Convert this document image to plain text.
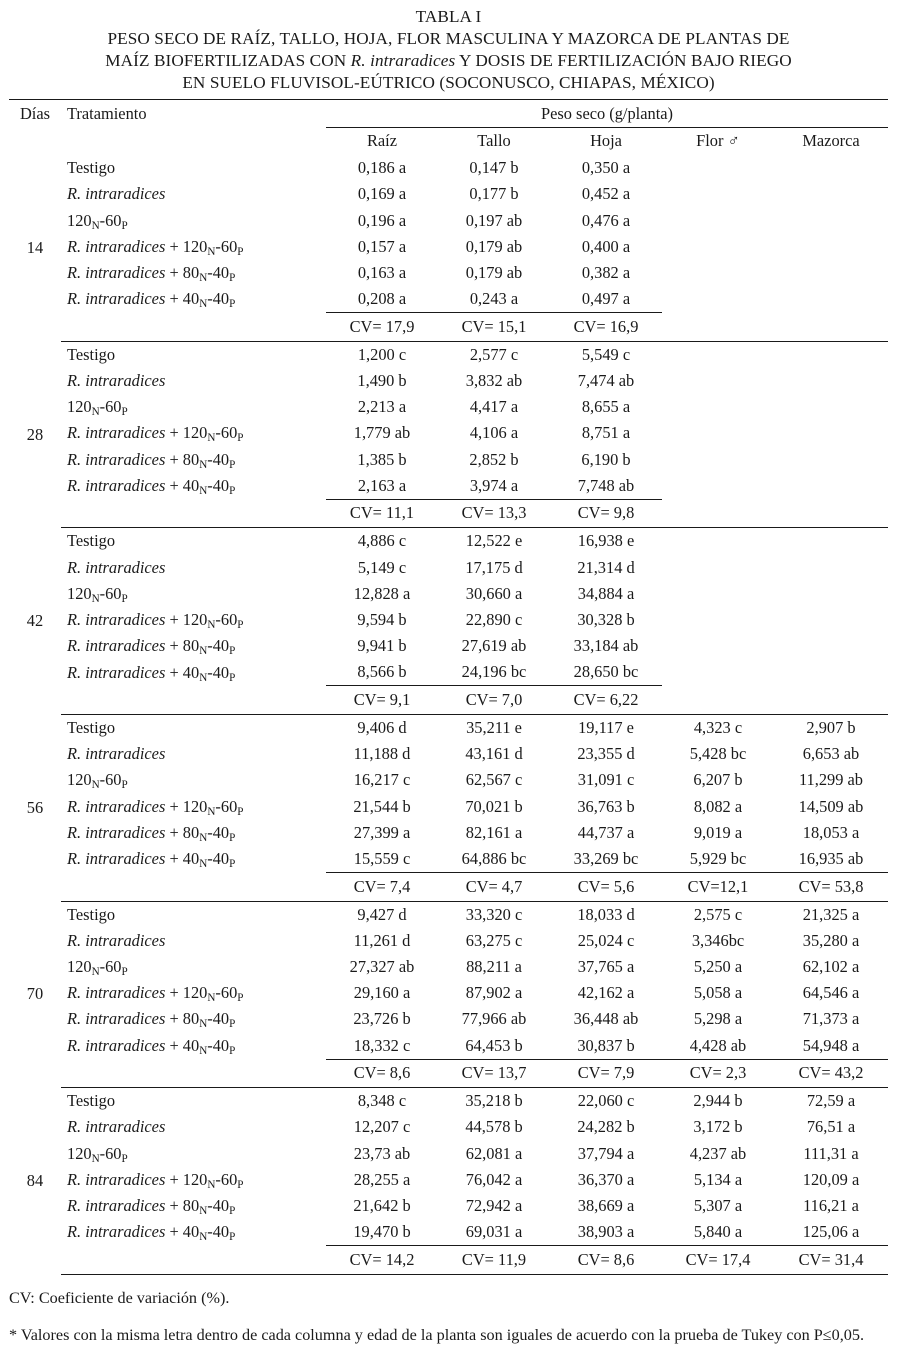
TABLA I
PESO SECO DE RAÍZ, TALLO, HOJA, FLOR MASCULINA Y MAZORCA DE PLANTAS DE
MAÍZ BIOFERTILIZADAS CON R. intraradices Y DOSIS DE FERTILIZACIÓN BAJO RIEGO
EN SUELO FLUVISOL-EÚTRICO (SOCONUSCO, CHIAPAS, MÉXICO)
Días	Tratamiento	Peso seco (g/planta)				
		Raíz	Tallo	Hoja	Flor ♂	Mazorca
14	Testigo	0,186 a	0,147 b	0,350 a		
	R. intraradices	0,169 a	0,177 b	0,452 a		
	$120_N-60_P$	0,196 a	0,197 ab	0,476 a		
	R. intraradices + $120_N-60_P$	0,157 a	0,179 ab	0,400 a		
	R. intraradices + $80_N-40_P$	0,163 a	0,179 ab	0,382 a		
	R. intraradices + $40_N-40_P$	0,208 a	0,243 a	0,497 a		
		CV= 17,9	CV= 15,1	CV= 16,9		
28	Testigo	1,200 c	2,577 c	5,549 c		
	R. intraradices	1,490 b	3,832 ab	7,474 ab		
	$120_N-60_P$	2,213 a	4,417 a	8,655 a		
	R. intraradices + $120_N-60_P$	1,779 ab	4,106 a	8,751 a		
	R. intraradices + $80_N-40_P$	1,385 b	2,852 b	6,190 b		
	R. intraradices + $40_N-40_P$	2,163 a	3,974 a	7,748 ab		
		CV= 11,1	CV= 13,3	CV= 9,8		
42	Testigo	4,886 c	12,522 e	16,938 e		
	R. intraradices	5,149 c	17,175 d	21,314 d		
	$120_N-60_P$	12,828 a	30,660 a	34,884 a		
	R. intraradices + $120_N-60_P$	9,594 b	22,890 c	30,328 b		
	R. intraradices + $80_N-40_P$	9,941 b	27,619 ab	33,184 ab		
	R. intraradices + $40_N-40_P$	8,566 b	24,196 bc	28,650 bc		
		CV= 9,1	CV= 7,0	CV= 6,22		
56	Testigo	9,406 d	35,211 e	19,117 e	4,323 c	2,907 b
	R. intraradices	11,188 d	43,161 d	23,355 d	5,428 bc	6,653 ab
	$120_N-60_P$	16,217 c	62,567 c	31,091 c	6,207 b	11,299 ab
	R. intraradices + $120_N-60_P$	21,544 b	70,021 b	36,763 b	8,082 a	14,509 ab
	R. intraradices + $80_N-40_P$	27,399 a	82,161 a	44,737 a	9,019 a	18,053 a
	R. intraradices + $40_N-40_P$	15,559 c	64,886 bc	33,269 bc	5,929 bc	16,935 ab
		CV= 7,4	CV= 4,7	CV= 5,6	CV=12,1	CV= 53,8
70	Testigo	9,427 d	33,320 c	18,033 d	2,575 c	21,325 a
	R. intraradices	11,261 d	63,275 c	25,024 c	3,346bc	35,280 a
	$120_N-60_P$	27,327 ab	88,211 a	37,765 a	5,250 a	62,102 a
	R. intraradices + $120_N-60_P$	29,160 a	87,902 a	42,162 a	5,058 a	64,546 a
	R. intraradices + $80_N-40_P$	23,726 b	77,966 ab	36,448 ab	5,298 a	71,373 a
	R. intraradices + $40_N-40_P$	18,332 c	64,453 b	30,837 b	4,428 ab	54,948 a
		CV= 8,6	CV= 13,7	CV= 7,9	CV= 2,3	CV= 43,2
84	Testigo	8,348 c	35,218 b	22,060 c	2,944 b	72,59 a
	R. intraradices	12,207 c	44,578 b	24,282 b	3,172 b	76,51 a
	$120_N-60_P$	23,73 ab	62,081 a	37,794 a	4,237 ab	111,31 a
	R. intraradices + $120_N-60_P$	28,255 a	76,042 a	36,370 a	5,134 a	120,09 a
	R. intraradices + $80_N-40_P$	21,642 b	72,942 a	38,669 a	5,307 a	116,21 a
	R. intraradices + $40_N-40_P$	19,470 b	69,031 a	38,903 a	5,840 a	125,06 a
		CV= 14,2	CV= 11,9	CV= 8,6	CV= 17,4	CV= 31,4

CV: Coeficiente de variación (%).

* Valores con la misma letra dentro de cada columna y edad de la planta son iguales de acuerdo con la prueba de Tukey con P≤0,05.
